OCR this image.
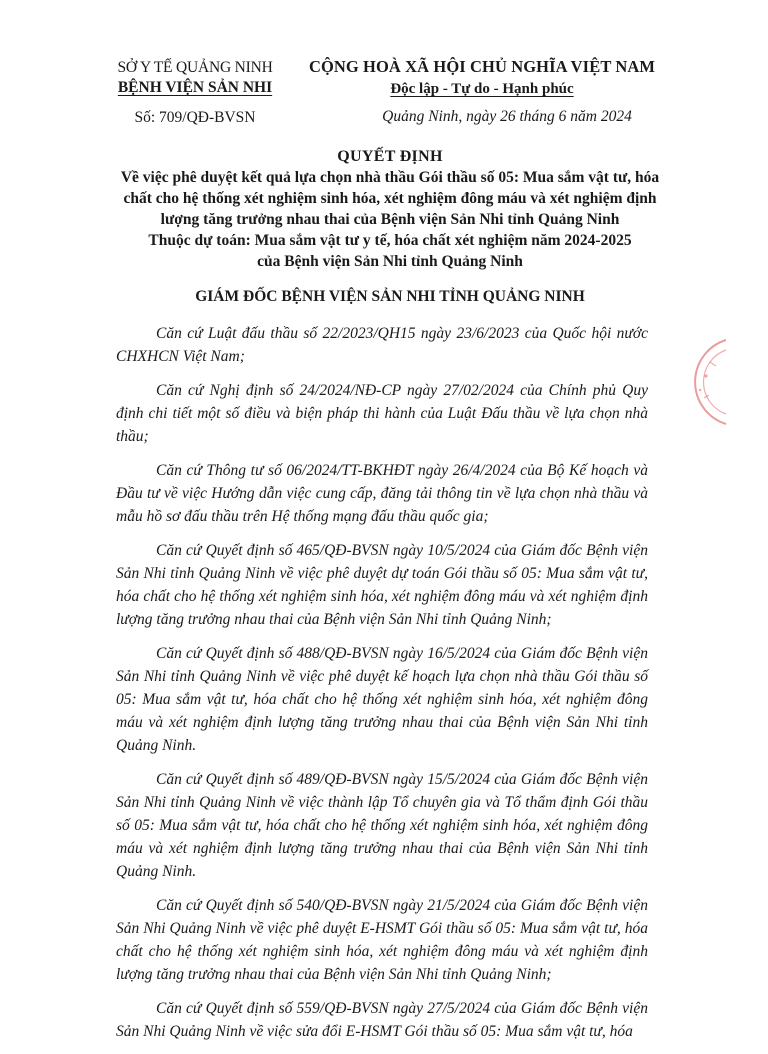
SỞ Y TẾ QUẢNG NINH
BỆNH VIỆN SẢN NHI
Số: 709/QĐ-BVSN
CỘNG HOÀ XÃ HỘI CHỦ NGHĨA VIỆT NAM
Độc lập - Tự do - Hạnh phúc
Quảng Ninh, ngày 26 tháng 6 năm 2024
QUYẾT ĐỊNH
Về việc phê duyệt kết quả lựa chọn nhà thầu Gói thầu số 05: Mua sắm vật tư, hóa
chất cho hệ thống xét nghiệm sinh hóa, xét nghiệm đông máu và xét nghiệm định
lượng tăng trưởng nhau thai của Bệnh viện Sản Nhi tỉnh Quảng Ninh
Thuộc dự toán: Mua sắm vật tư y tế, hóa chất xét nghiệm năm 2024-2025
của Bệnh viện Sản Nhi tỉnh Quảng Ninh
GIÁM ĐỐC BỆNH VIỆN SẢN NHI TỈNH QUẢNG NINH

Căn cứ Luật đấu thầu số 22/2023/QH15 ngày 23/6/2023 của Quốc hội nước CHXHCN Việt Nam;

Căn cứ Nghị định số 24/2024/NĐ-CP ngày 27/02/2024 của Chính phủ Quy định chi tiết một số điều và biện pháp thi hành của Luật Đấu thầu về lựa chọn nhà thầu;

Căn cứ Thông tư số 06/2024/TT-BKHĐT ngày 26/4/2024 của Bộ Kế hoạch và Đầu tư về việc Hướng dẫn việc cung cấp, đăng tải thông tin về lựa chọn nhà thầu và mẫu hồ sơ đấu thầu trên Hệ thống mạng đấu thầu quốc gia;

Căn cứ Quyết định số 465/QĐ-BVSN ngày 10/5/2024 của Giám đốc Bệnh viện Sản Nhi tỉnh Quảng Ninh về việc phê duyệt dự toán Gói thầu số 05: Mua sắm vật tư, hóa chất cho hệ thống xét nghiệm sinh hóa, xét nghiệm đông máu và xét nghiệm định lượng tăng trưởng nhau thai của Bệnh viện Sản Nhi tỉnh Quảng Ninh;

Căn cứ Quyết định số 488/QĐ-BVSN ngày 16/5/2024 của Giám đốc Bệnh viện Sản Nhi tỉnh Quảng Ninh về việc phê duyệt kế hoạch lựa chọn nhà thầu Gói thầu số 05: Mua sắm vật tư, hóa chất cho hệ thống xét nghiệm sinh hóa, xét nghiệm đông máu và xét nghiệm định lượng tăng trưởng nhau thai của Bệnh viện Sản Nhi tỉnh Quảng Ninh.

Căn cứ Quyết định số 489/QĐ-BVSN ngày 15/5/2024 của Giám đốc Bệnh viện Sản Nhi tỉnh Quảng Ninh về việc thành lập Tổ chuyên gia và Tổ thẩm định Gói thầu số 05: Mua sắm vật tư, hóa chất cho hệ thống xét nghiệm sinh hóa, xét nghiệm đông máu và xét nghiệm định lượng tăng trưởng nhau thai của Bệnh viện Sản Nhi tỉnh Quảng Ninh.

Căn cứ Quyết định số 540/QĐ-BVSN ngày 21/5/2024 của Giám đốc Bệnh viện Sản Nhi Quảng Ninh về việc phê duyệt E-HSMT Gói thầu số 05: Mua sắm vật tư, hóa chất cho hệ thống xét nghiệm sinh hóa, xét nghiệm đông máu và xét nghiệm định lượng tăng trưởng nhau thai của Bệnh viện Sản Nhi tỉnh Quảng Ninh;

Căn cứ Quyết định số 559/QĐ-BVSN ngày 27/5/2024 của Giám đốc Bệnh viện Sản Nhi Quảng Ninh về việc sửa đổi E-HSMT Gói thầu số 05: Mua sắm vật tư, hóa
